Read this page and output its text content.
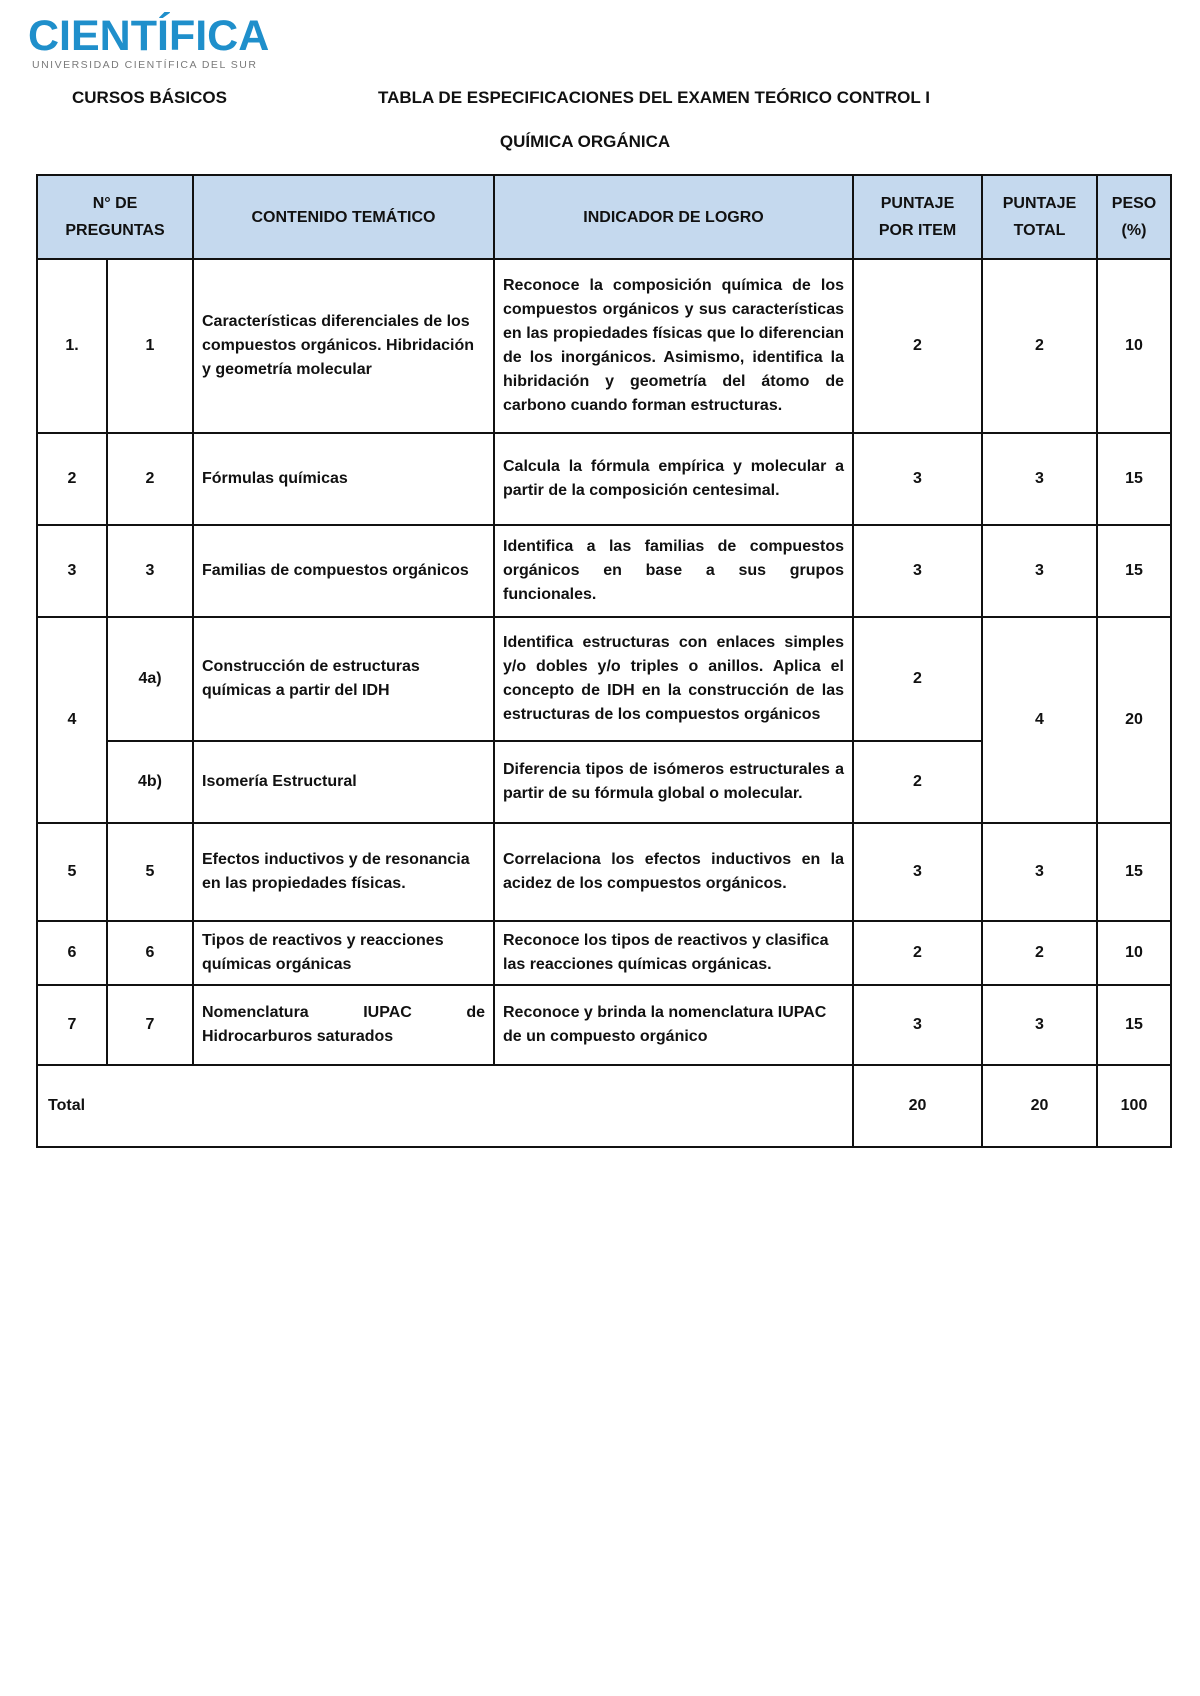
CIENTÍFICA
UNIVERSIDAD CIENTÍFICA DEL SUR
CURSOS BÁSICOS	TABLA DE ESPECIFICACIONES DEL EXAMEN TEÓRICO CONTROL I
QUÍMICA ORGÁNICA
N° DE PREGUNTAS		CONTENIDO TEMÁTICO	INDICADOR DE LOGRO	PUNTAJE POR ITEM	PUNTAJE TOTAL	PESO (%)
1.	1	Características diferenciales de los compuestos orgánicos. Hibridación y geometría molecular	Reconoce la composición química de los compuestos orgánicos y sus características en las propiedades físicas que lo diferencian de los inorgánicos. Asimismo, identifica la hibridación y geometría del átomo de carbono cuando forman estructuras.	2	2	10
2	2	Fórmulas químicas	Calcula la fórmula empírica y molecular a partir de la composición centesimal.	3	3	15
3	3	Familias de compuestos orgánicos	Identifica a las familias de compuestos orgánicos en base a sus grupos funcionales.	3	3	15
4	4a)	Construcción de estructuras químicas a partir del IDH	Identifica estructuras con enlaces simples y/o dobles y/o triples o anillos. Aplica el concepto de IDH en la construcción de las estructuras de los compuestos orgánicos	2	4	20
	4b)	Isomería Estructural	Diferencia tipos de isómeros estructurales a partir de su fórmula global o molecular.	2		
5	5	Efectos inductivos y de resonancia en las propiedades físicas.	Correlaciona los efectos inductivos en la acidez de los compuestos orgánicos.	3	3	15
6	6	Tipos de reactivos y reacciones químicas orgánicas	Reconoce los tipos de reactivos y clasifica las reacciones químicas orgánicas.	2	2	10
7	7	Nomenclatura IUPAC de Hidrocarburos saturados	Reconoce y brinda la nomenclatura IUPAC de un compuesto orgánico	3	3	15
Total				20	20	100
